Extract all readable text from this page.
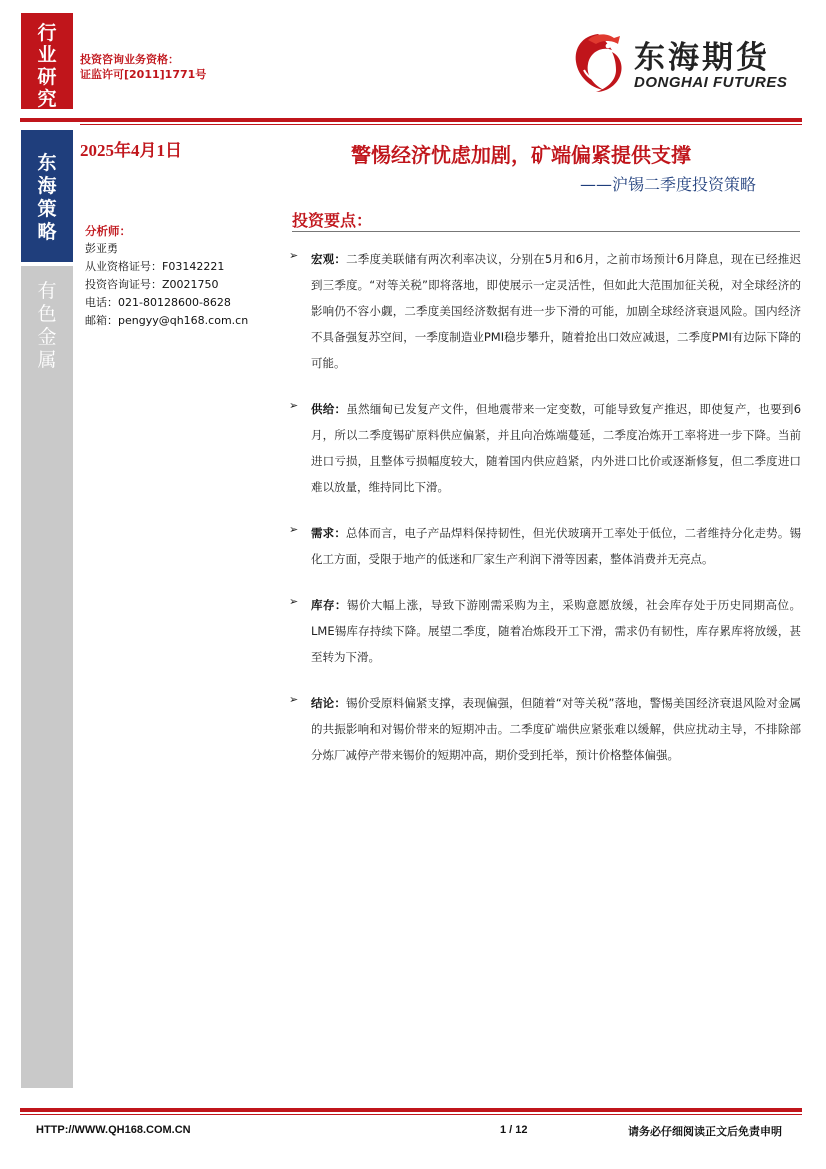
行
业
研
究
东
海
策
略
有
色
金
属
投资咨询业务资格：
证监许可[2011]1771号	东海期货
DONGHAI FUTURES
2025年4月1日	警惕经济忧虑加剧，矿端偏紧提供支撑
——沪锡二季度投资策略
分析师：
彭亚勇
从业资格证号：F03142221
投资咨询证号：Z0021750
电话：021-80128600-8628
邮箱：pengyy@qh168.com.cn
投资要点：
➢ 宏观：二季度美联储有两次利率决议，分别在5月和6月，之前市场预计6月降息，现在已经推迟到三季度。“对等关税”即将落地，即使展示一定灵活性，但如此大范围加征关税，对全球经济的影响仍不容小觑，二季度美国经济数据有进一步下滑的可能，加剧全球经济衰退风险。国内经济不具备强复苏空间，一季度制造业PMI稳步攀升，随着抢出口效应减退，二季度PMI有边际下降的可能。

➢ 供给：虽然缅甸已发复产文件，但地震带来一定变数，可能导致复产推迟，即使复产，也要到6月，所以二季度锡矿原料供应偏紧，并且向冶炼端蔓延，二季度冶炼开工率将进一步下降。当前进口亏损，且整体亏损幅度较大，随着国内供应趋紧，内外进口比价或逐渐修复，但二季度进口难以放量，维持同比下滑。

➢ 需求：总体而言，电子产品焊料保持韧性，但光伏玻璃开工率处于低位，二者维持分化走势。锡化工方面，受限于地产的低迷和厂家生产利润下滑等因素，整体消费并无亮点。

➢ 库存：锡价大幅上涨，导致下游刚需采购为主，采购意愿放缓，社会库存处于历史同期高位。LME锡库存持续下降。展望二季度，随着冶炼段开工下滑，需求仍有韧性，库存累库将放缓，甚至转为下滑。

➢ 结论：锡价受原料偏紧支撑，表现偏强，但随着“对等关税”落地，警惕美国经济衰退风险对金属的共振影响和对锡价带来的短期冲击。二季度矿端供应紧张难以缓解，供应扰动主导，不排除部分炼厂减停产带来锡价的短期冲高，期价受到托举，预计价格整体偏强。

HTTP://WWW.QH168.COM.CN	1 / 12	请务必仔细阅读正文后免责申明
